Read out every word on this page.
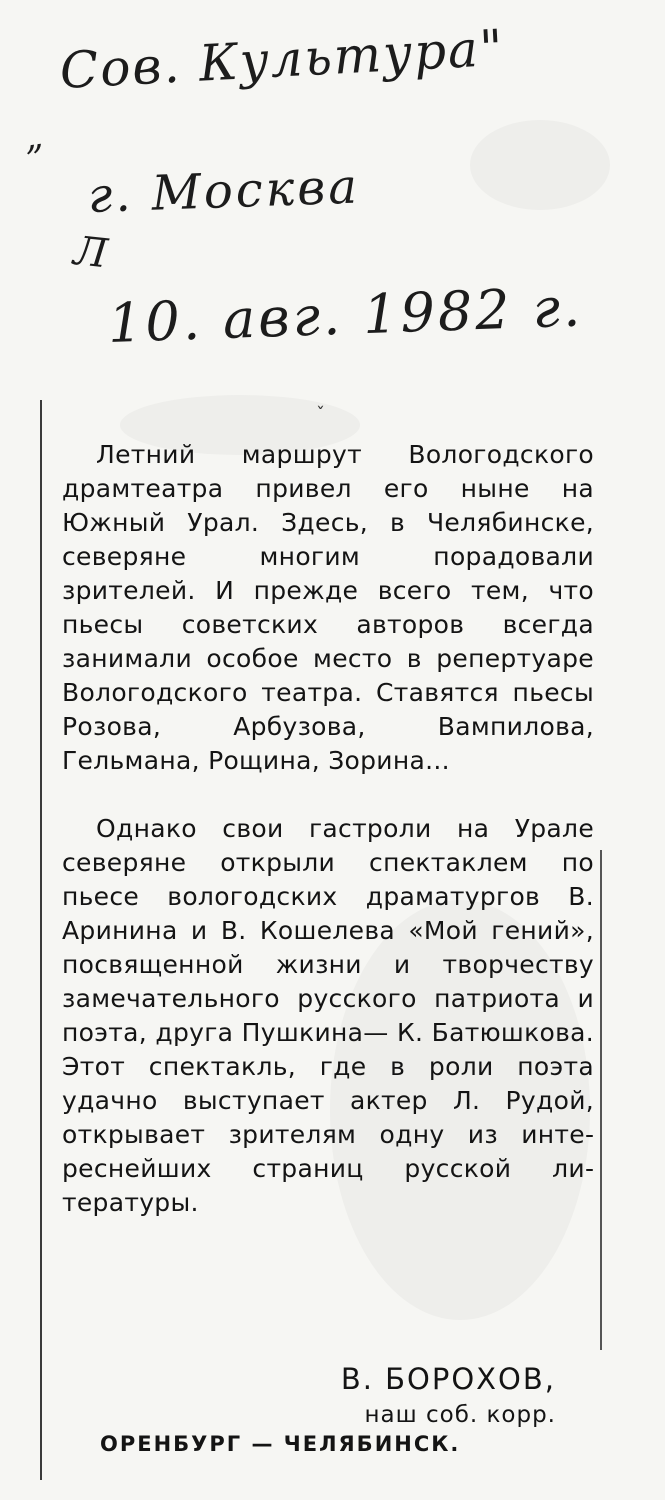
Сов. Культура"
„
г. Москва
Л
10. авг. 1982 г.
ˇ

Летний маршрут Вологодского драмтеатра привел его ныне на Южный Урал. Здесь, в Челябинске, северяне многим порадовали зрителей. И прежде всего тем, что пьесы советских авторов всегда занимали особое место в репертуаре Вологодского театра. Ставятся пьесы Розова, Арбузова, Вампилова, Гельмана, Рощина, Зорина...

Однако свои гастроли на Урале северяне открыли спектаклем по пьесе вологодских драматургов В. Аринина и В. Кошелева «Мой гений», посвященной жизни и творчеству замечательного русского патриота и поэта, друга Пушкина— К. Батюшкова. Этот спектакль, где в роли поэта удачно выступает актер Л. Рудой, открывает зрителям одну из интереснейших страниц русской литературы.

В. БОРОХОВ,
наш соб. корр.
ОРЕНБУРГ — ЧЕЛЯБИНСК.
